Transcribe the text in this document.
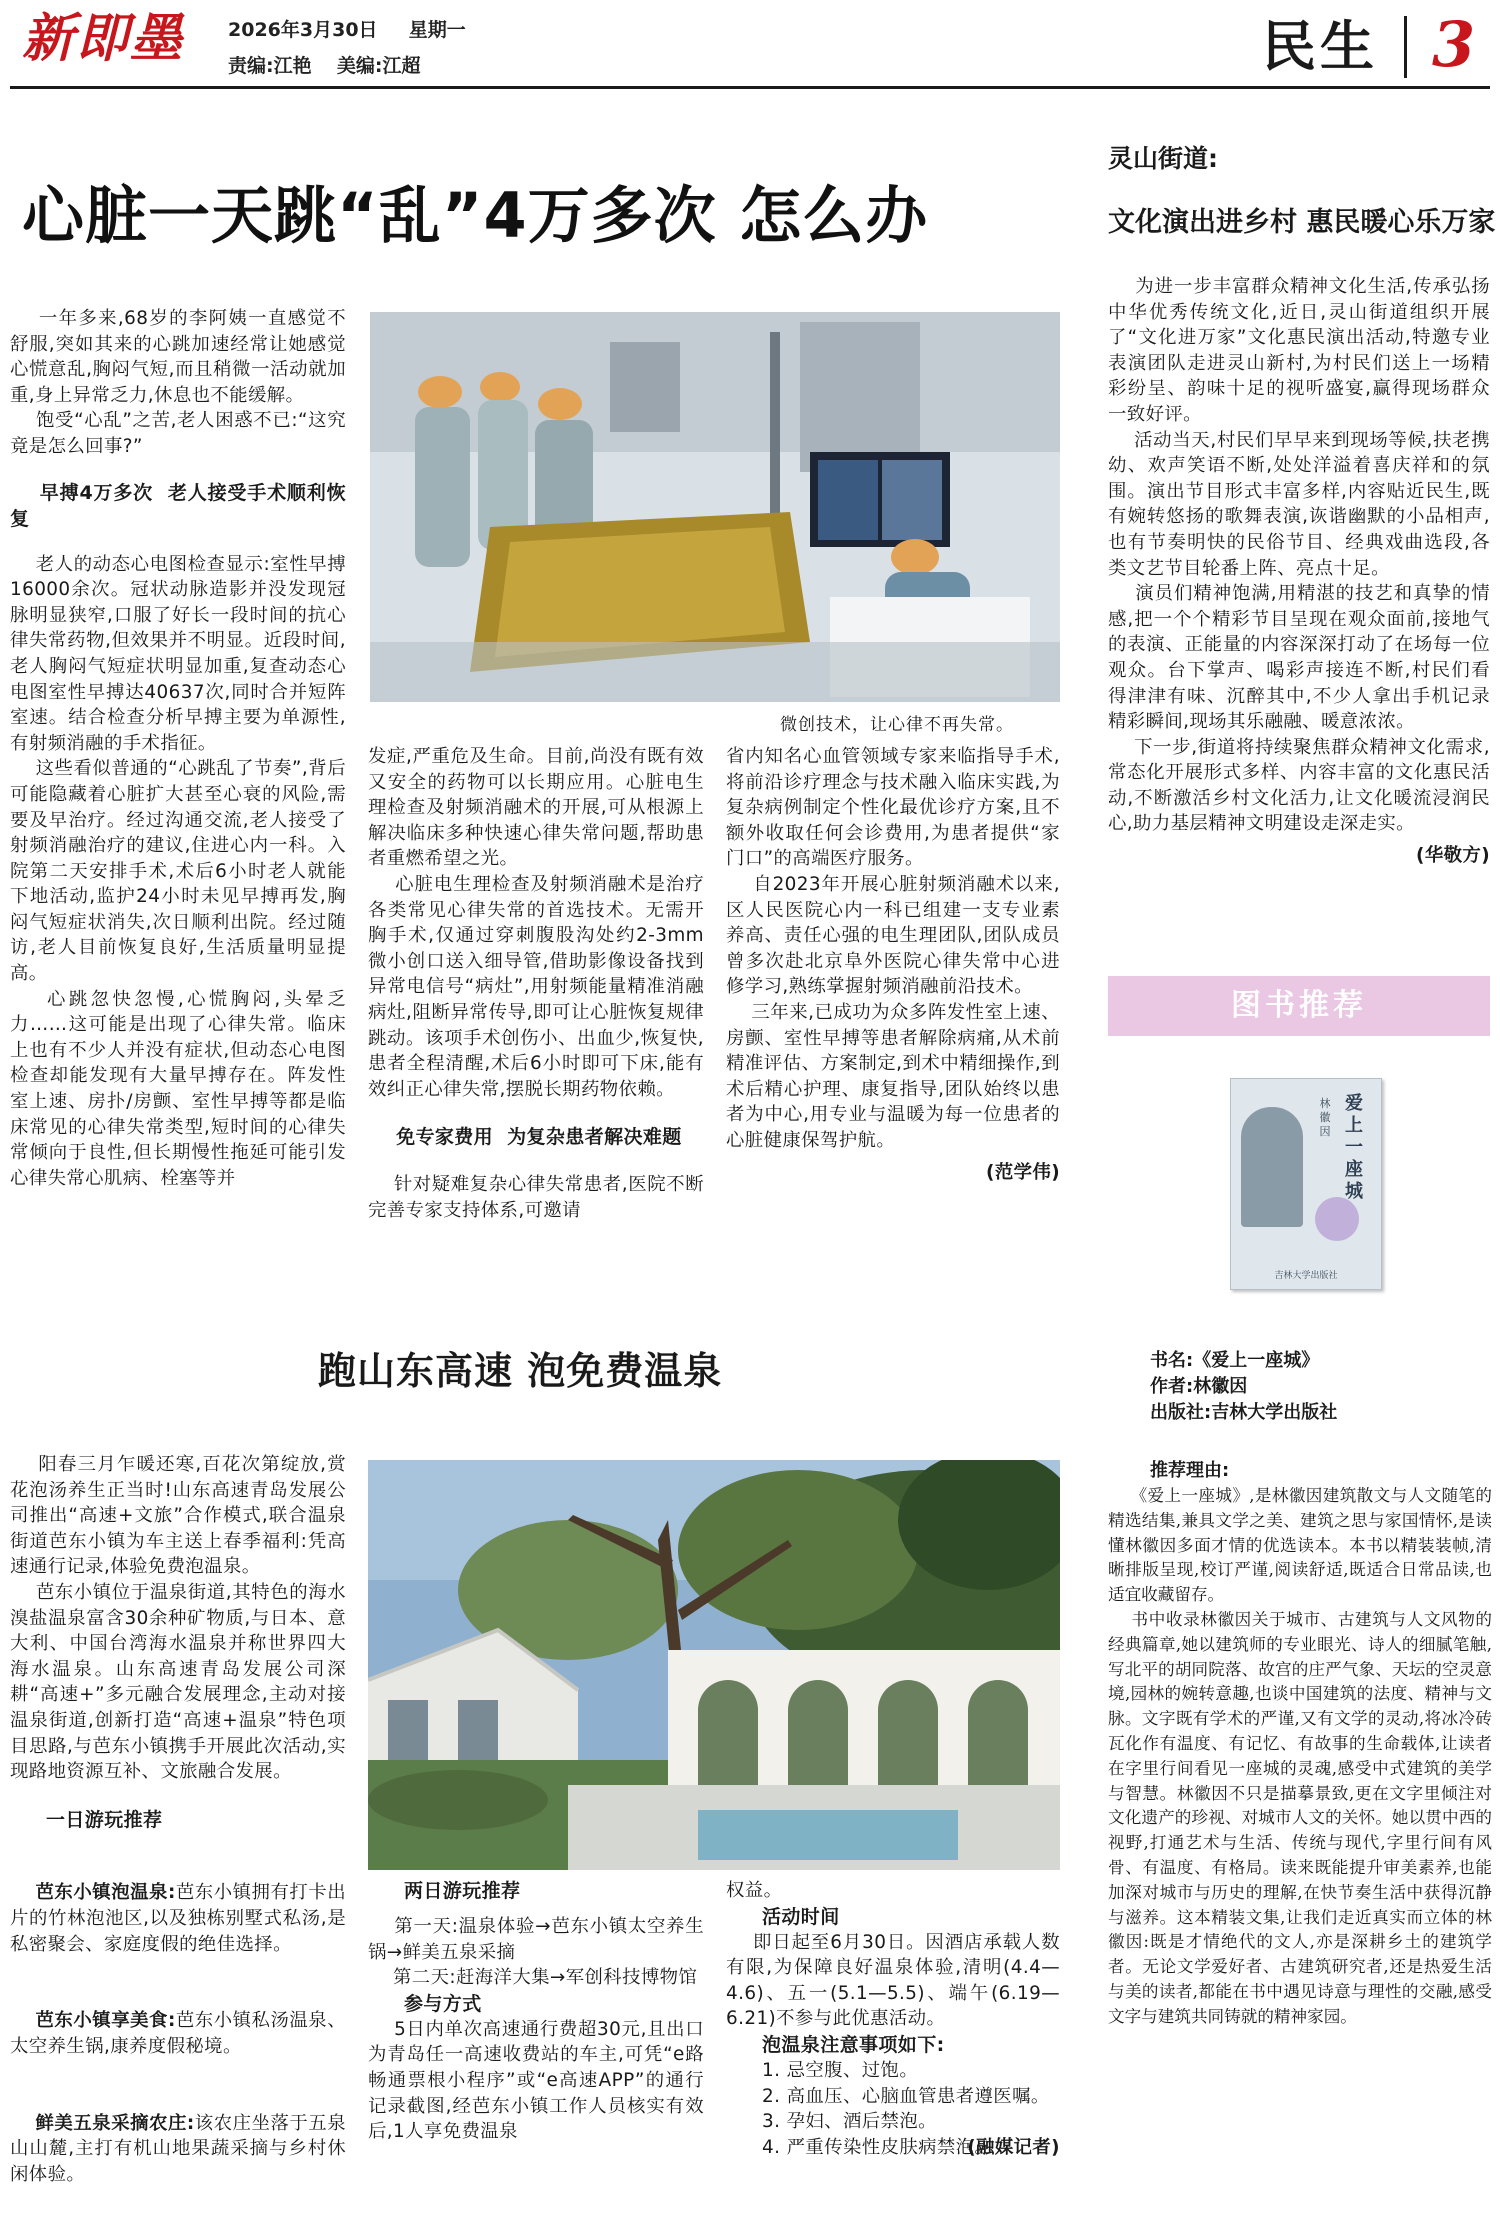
新即墨 2026年3月30日 星期一
责编:江艳 美编:江超	民生 3
心脏一天跳“乱”4万多次 怎么办
微创技术，让心律不再失常。

一年多来,68岁的李阿姨一直感觉不舒服,突如其来的心跳加速经常让她感觉心慌意乱,胸闷气短,而且稍微一活动就加重,身上异常乏力,休息也不能缓解。
饱受“心乱”之苦,老人困惑不已:“这究竟是怎么回事?”

早搏4万多次  老人接受手术顺利恢复

老人的动态心电图检查显示:室性早搏16000余次。冠状动脉造影并没发现冠脉明显狭窄,口服了好长一段时间的抗心律失常药物,但效果并不明显。近段时间,老人胸闷气短症状明显加重,复查动态心电图室性早搏达40637次,同时合并短阵室速。结合检查分析早搏主要为单源性,有射频消融的手术指征。
这些看似普通的“心跳乱了节奏”,背后可能隐藏着心脏扩大甚至心衰的风险,需要及早治疗。经过沟通交流,老人接受了射频消融治疗的建议,住进心内一科。入院第二天安排手术,术后6小时老人就能下地活动,监护24小时未见早搏再发,胸闷气短症状消失,次日顺利出院。经过随访,老人目前恢复良好,生活质量明显提高。
心跳忽快忽慢,心慌胸闷,头晕乏力……这可能是出现了心律失常。临床上也有不少人并没有症状,但动态心电图检查却能发现有大量早搏存在。阵发性室上速、房扑/房颤、室性早搏等都是临床常见的心律失常类型,短时间的心律失常倾向于良性,但长期慢性拖延可能引发心律失常心肌病、栓塞等并

发症,严重危及生命。目前,尚没有既有效又安全的药物可以长期应用。心脏电生理检查及射频消融术的开展,可从根源上解决临床多种快速心律失常问题,帮助患者重燃希望之光。
心脏电生理检查及射频消融术是治疗各类常见心律失常的首选技术。无需开胸手术,仅通过穿刺腹股沟处约2-3mm微小创口送入细导管,借助影像设备找到异常电信号“病灶”,用射频能量精准消融病灶,阻断异常传导,即可让心脏恢复规律跳动。该项手术创伤小、出血少,恢复快,患者全程清醒,术后6小时即可下床,能有效纠正心律失常,摆脱长期药物依赖。

免专家费用  为复杂患者解决难题

针对疑难复杂心律失常患者,医院不断完善专家支持体系,可邀请

省内知名心血管领域专家来临指导手术,将前沿诊疗理念与技术融入临床实践,为复杂病例制定个性化最优诊疗方案,且不额外收取任何会诊费用,为患者提供“家门口”的高端医疗服务。
自2023年开展心脏射频消融术以来,区人民医院心内一科已组建一支专业素养高、责任心强的电生理团队,团队成员曾多次赴北京阜外医院心律失常中心进修学习,熟练掌握射频消融前沿技术。
三年来,已成功为众多阵发性室上速、房颤、室性早搏等患者解除病痛,从术前精准评估、方案制定,到术中精细操作,到术后精心护理、康复指导,团队始终以患者为中心,用专业与温暖为每一位患者的心脏健康保驾护航。

(范学伟)

灵山街道:
文化演出进乡村 惠民暖心乐万家

为进一步丰富群众精神文化生活,传承弘扬中华优秀传统文化,近日,灵山街道组织开展了“文化进万家”文化惠民演出活动,特邀专业表演团队走进灵山新村,为村民们送上一场精彩纷呈、韵味十足的视听盛宴,赢得现场群众一致好评。
活动当天,村民们早早来到现场等候,扶老携幼、欢声笑语不断,处处洋溢着喜庆祥和的氛围。演出节目形式丰富多样,内容贴近民生,既有婉转悠扬的歌舞表演,诙谐幽默的小品相声,也有节奏明快的民俗节目、经典戏曲选段,各类文艺节目轮番上阵、亮点十足。
演员们精神饱满,用精湛的技艺和真挚的情感,把一个个精彩节目呈现在观众面前,接地气的表演、正能量的内容深深打动了在场每一位观众。台下掌声、喝彩声接连不断,村民们看得津津有味、沉醉其中,不少人拿出手机记录精彩瞬间,现场其乐融融、暖意浓浓。
下一步,街道将持续聚焦群众精神文化需求,常态化开展形式多样、内容丰富的文化惠民活动,不断激活乡村文化活力,让文化暖流浸润民心,助力基层精神文明建设走深走实。

(华敬方)

图书推荐
爱上一座城
林徽因
吉林大学出版社
书名:《爱上一座城》
作者:林徽因
出版社:吉林大学出版社
推荐理由:

《爱上一座城》,是林徽因建筑散文与人文随笔的精选结集,兼具文学之美、建筑之思与家国情怀,是读懂林徽因多面才情的优选读本。本书以精装装帧,清晰排版呈现,校订严谨,阅读舒适,既适合日常品读,也适宜收藏留存。
书中收录林徽因关于城市、古建筑与人文风物的经典篇章,她以建筑师的专业眼光、诗人的细腻笔触,写北平的胡同院落、故宫的庄严气象、天坛的空灵意境,园林的婉转意趣,也谈中国建筑的法度、精神与文脉。文字既有学术的严谨,又有文学的灵动,将冰冷砖瓦化作有温度、有记忆、有故事的生命载体,让读者在字里行间看见一座城的灵魂,感受中式建筑的美学与智慧。林徽因不只是描摹景致,更在文字里倾注对文化遗产的珍视、对城市人文的关怀。她以贯中西的视野,打通艺术与生活、传统与现代,字里行间有风骨、有温度、有格局。读来既能提升审美素养,也能加深对城市与历史的理解,在快节奏生活中获得沉静与滋养。这本精装文集,让我们走近真实而立体的林徽因:既是才情绝代的文人,亦是深耕乡土的建筑学者。无论文学爱好者、古建筑研究者,还是热爱生活与美的读者,都能在书中遇见诗意与理性的交融,感受文字与建筑共同铸就的精神家园。

跑山东高速 泡免费温泉

阳春三月乍暖还寒,百花次第绽放,赏花泡汤养生正当时!山东高速青岛发展公司推出“高速+文旅”合作模式,联合温泉街道芭东小镇为车主送上春季福利:凭高速通行记录,体验免费泡温泉。
芭东小镇位于温泉街道,其特色的海水溴盐温泉富含30余种矿物质,与日本、意大利、中国台湾海水温泉并称世界四大海水温泉。山东高速青岛发展公司深耕“高速+”多元融合发展理念,主动对接温泉街道,创新打造“高速+温泉”特色项目思路,与芭东小镇携手开展此次活动,实现路地资源互补、文旅融合发展。

一日游玩推荐

芭东小镇泡温泉:芭东小镇拥有打卡出片的竹林泡池区,以及独栋别墅式私汤,是私密聚会、家庭度假的绝佳选择。

芭东小镇享美食:芭东小镇私汤温泉、太空养生锅,康养度假秘境。

鲜美五泉采摘农庄:该农庄坐落于五泉山山麓,主打有机山地果蔬采摘与乡村休闲体验。

两日游玩推荐

第一天:温泉体验→芭东小镇太空养生锅→鲜美五泉采摘

第二天:赶海洋大集→军创科技博物馆

参与方式

5日内单次高速通行费超30元,且出口为青岛任一高速收费站的车主,可凭“e路畅通票根小程序”或“e高速APP”的通行记录截图,经芭东小镇工作人员核实有效后,1人享免费温泉

权益。

活动时间

即日起至6月30日。因酒店承载人数有限,为保障良好温泉体验,清明(4.4—4.6)、五一(5.1—5.5)、端午(6.19—6.21)不参与此优惠活动。

泡温泉注意事项如下:

1. 忌空腹、过饱。
2. 高血压、心脑血管患者遵医嘱。
3. 孕妇、酒后禁泡。
4. 严重传染性皮肤病禁泡。

(融媒记者)
